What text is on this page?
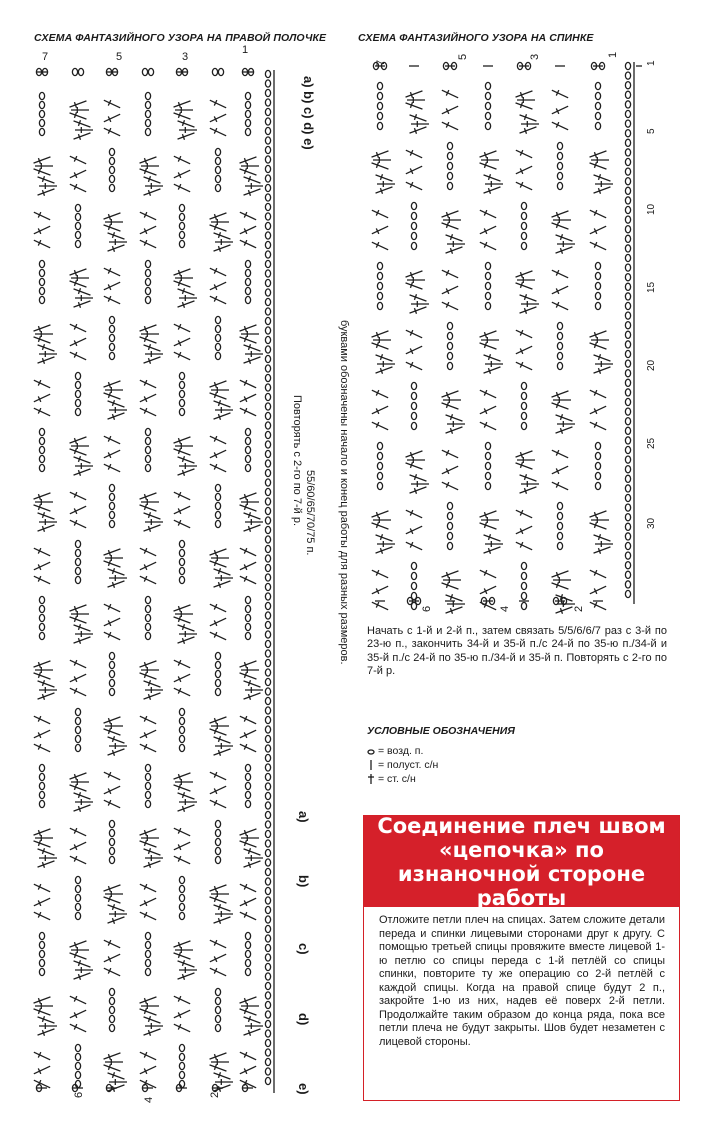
СХЕМА ФАНТАЗИЙНОГО УЗОРА НА ПРАВОЙ ПОЛОЧКЕ	СХЕМА ФАНТАЗИЙНОГО УЗОРА НА СПИНКЕ
7	5	3
1
6
4
2
a) b) c) d) e)
a)
b)
c)
d)
e)
55/60/65/70/75 п.
Повторять с 2-го по 7-й р.	буквами обозначены начало и конец работы для разных размеров.
7
5	3	1
6	4	2
1
5
10
15
20
25
30
Начать с 1-й и 2-й п., затем связать 5/5/6/6/7 раз с 3-й по 23-ю п., закончить 34-й и 35-й п./с 24-й по 35-ю п./34-й и 35-й п./с 24-й по 35-ю п./34-й и 35-й п. Повторять с 2-го по 7-й р.
УСЛОВНЫЕ ОБОЗНАЧЕНИЯ
= возд. п.
= полуст. с/н
= ст. с/н
Соединение плеч швом «цепочка» по изнаночной стороне работы
Отложите петли плеч на спицах. Затем сложите детали переда и спинки лицевыми сторонами друг к другу. С помощью третьей спицы провяжите вместе лицевой 1-ю петлю со спицы переда с 1-й петлёй со спицы спинки, повторите ту же операцию со 2-й петлёй с каждой спицы. Когда на правой спице будут 2 п., закройте 1-ю из них, надев её поверх 2-й петли. Продолжайте таким образом до конца ряда, пока все петли плеча не будут закрыты. Шов будет незаметен с лицевой стороны.
